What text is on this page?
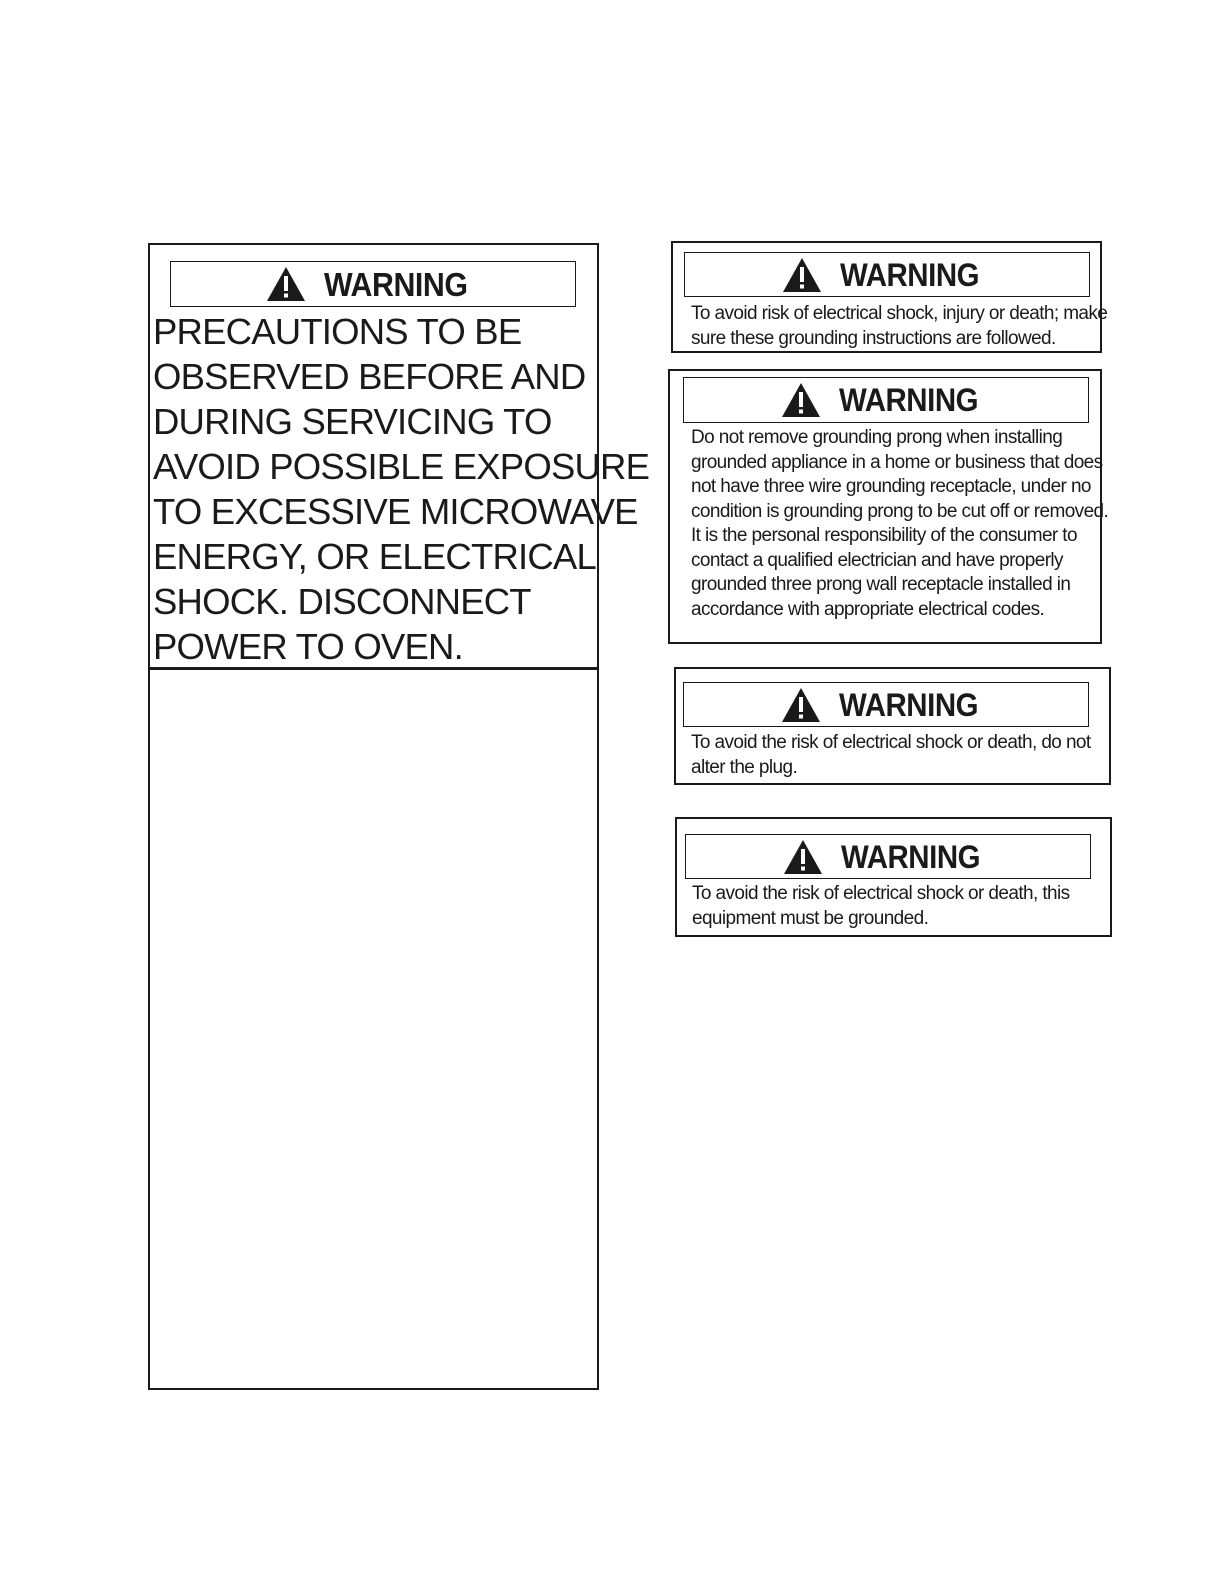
WARNING
PRECAUTIONS TO BE
OBSERVED BEFORE AND
DURING SERVICING TO
AVOID POSSIBLE EXPOSURE
TO EXCESSIVE MICROWAVE
ENERGY, OR ELECTRICAL
SHOCK. DISCONNECT
POWER TO OVEN.
WARNING
To avoid risk of electrical shock, injury or death; make
sure these grounding instructions are followed.
WARNING
Do not remove grounding prong when installing
grounded appliance in a home or business that does
not have three wire grounding receptacle, under no
condition is grounding prong to be cut off or removed.
It is the personal responsibility of the consumer to
contact a qualified electrician and have properly
grounded three prong wall receptacle installed in
accordance with appropriate electrical codes.
WARNING
To avoid the risk of electrical shock or death, do not
alter the plug.
WARNING
To avoid the risk of electrical shock or death, this
equipment must be grounded.
